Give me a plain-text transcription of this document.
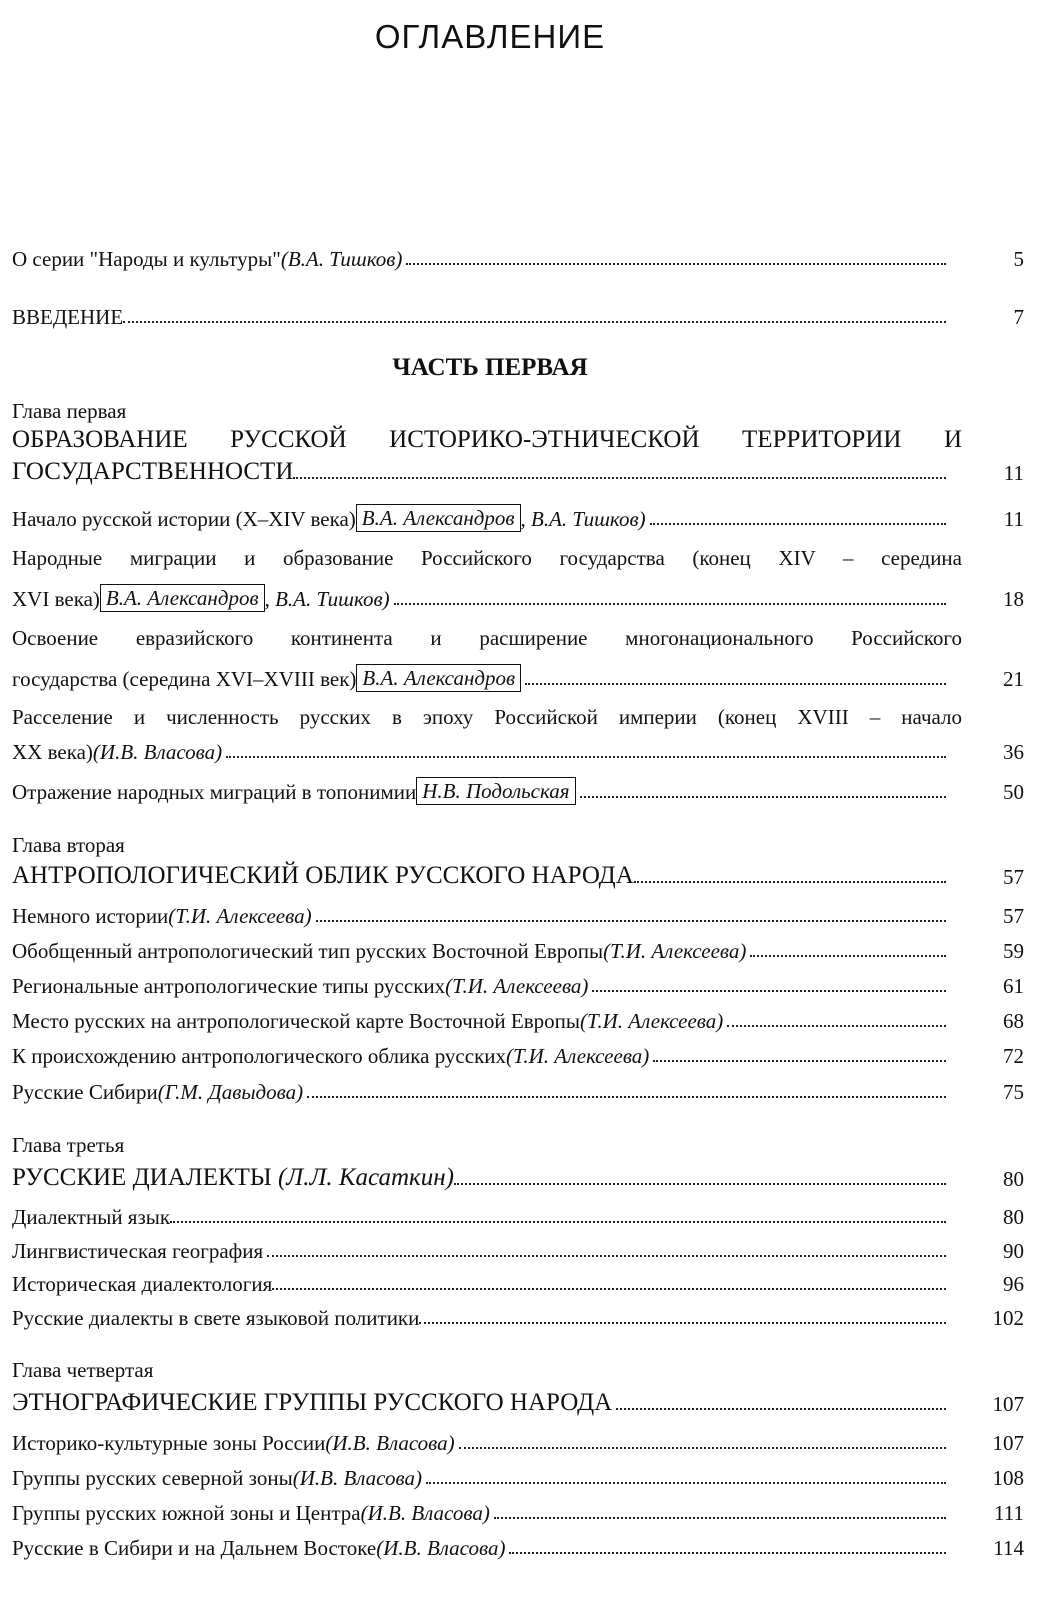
ОГЛАВЛЕНИЕ
О серии "Народы и культуры" (В.А. Тишков)	5
ВВЕДЕНИЕ	7
ЧАСТЬ ПЕРВАЯ
Глава первая
ОБРАЗОВАНИЕ РУССКОЙ ИСТОРИКО-ЭТНИЧЕСКОЙ ТЕРРИТОРИИ И
ГОСУДАРСТВЕННОСТИ	11
Начало русской истории (X–XIV века) В.А. Александров , В.А. Тишков)	11
Народные миграции и образование Российского государства (конец XIV – середина
XVI века) В.А. Александров , В.А. Тишков)	18
Освоение евразийского континента и расширение многонационального Российского
государства (середина XVI–XVIII век) В.А. Александров	21
Расселение и численность русских в эпоху Российской империи (конец XVIII – начало
XX века) (И.В. Власова)	36
Отражение народных миграций в топонимии Н.В. Подольская	50
Глава вторая
АНТРОПОЛОГИЧЕСКИЙ ОБЛИК РУССКОГО НАРОДА	57
Немного истории (Т.И. Алексеева)	57
Обобщенный антропологический тип русских Восточной Европы (Т.И. Алексеева)	59
Региональные антропологические типы русских (Т.И. Алексеева)	61
Место русских на антропологической карте Восточной Европы (Т.И. Алексеева)	68
К происхождению антропологического облика русских (Т.И. Алексеева)	72
Русские Сибири (Г.М. Давыдова)	75
Глава третья
РУССКИЕ ДИАЛЕКТЫ (Л.Л. Касаткин)	80
Диалектный язык	80
Лингвистическая география	90
Историческая диалектология	96
Русские диалекты в свете языковой политики	102
Глава четвертая
ЭТНОГРАФИЧЕСКИЕ ГРУППЫ РУССКОГО НАРОДА	107
Историко-культурные зоны России (И.В. Власова)	107
Группы русских северной зоны (И.В. Власова)	108
Группы русских южной зоны и Центра (И.В. Власова)	111
Русские в Сибири и на Дальнем Востоке (И.В. Власова)	114
